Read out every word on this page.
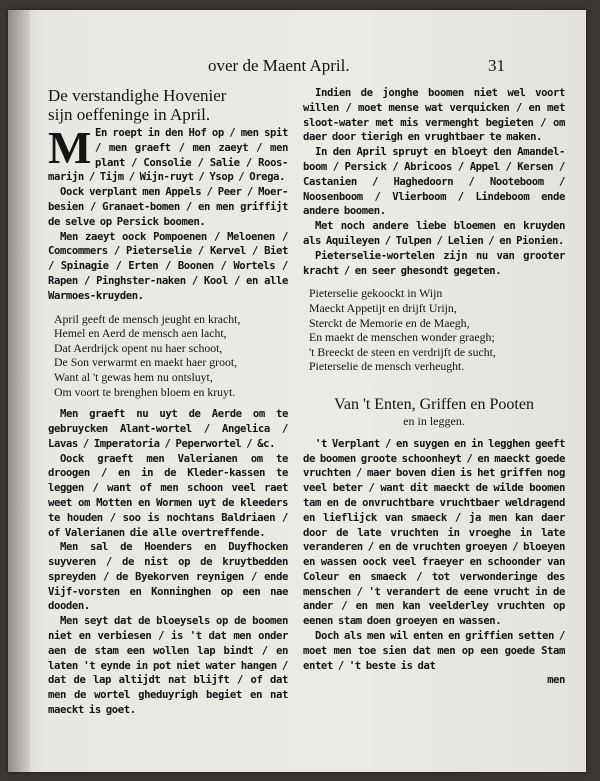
over de Maent April.	31
De verstandighe Hovenier
sijn oeffeninge in April.

M En roept in den Hof op / men spit / men graeft / men zaeyt / men plant / Consolie / Salie / Roos-marijn / Tijm / Wijn-ruyt / Ysop / Orega.

Oock verplant men Appels / Peer / Moer-besien / Granaet-bomen / en men griffijt de selve op Persick boomen.

Men zaeyt oock Pompoenen / Meloenen / Comcommers / Pieterselie / Kervel / Biet / Spinagie / Erten / Boonen / Wortels / Rapen / Pinghster-naken / Kool / en alle Warmoes-kruyden.

April geeft de mensch jeught en kracht,
Hemel en Aerd de mensch aen lacht,
Dat Aerdrijck opent nu haer schoot,
De Son verwarmt en maekt haer groot,
Want al 't gewas hem nu ontsluyt,
Om voort te brenghen bloem en kruyt.

Men graeft nu uyt de Aerde om te gebruycken Alant-wortel / Angelica / Lavas / Imperatoria / Peperwortel / &c.

Oock graeft men Valerianen om te droogen / en in de Kleder-kassen te leggen / want of men schoon veel raet weet om Motten en Wormen uyt de kleeders te houden / soo is nochtans Baldriaen / of Valerianen die alle overtreffende.

Men sal de Hoenders en Duyfhocken suyveren / de nist op de kruytbedden spreyden / de Byekorven reynigen / ende Vijf-vorsten en Konninghen op een nae dooden.

Men seyt dat de bloeysels op de boomen niet en verbiesen / is 't dat men onder aen de stam een wollen lap bindt / en laten 't eynde in pot niet water hangen / dat de lap altijdt nat blijft / of dat men de wortel gheduyrigh begiet en nat maeckt is goet.

Indien de jonghe boomen niet wel voort willen / moet mense wat verquicken / en met sloot-water met mis vermenght begieten / om daer door tierigh en vrughtbaer te maken.

In den April spruyt en bloeyt den Amandel-boom / Persick / Abricoos / Appel / Kersen / Castanien / Haghedoorn / Nooteboom / Noosenboom / Vlierboom / Lindeboom ende andere boomen.

Met noch andere liebe bloemen en kruyden als Aquileyen / Tulpen / Lelien / en Pionien.

Pieterselie-wortelen zijn nu van grooter kracht / en seer ghesondt gegeten.

Pieterselie gekoockt in Wijn
Maeckt Appetijt en drijft Urijn,
Sterckt de Memorie en de Maegh,
En maekt de menschen wonder graegh;
't Breeckt de steen en verdrijft de sucht,
Pieterselie de mensch verheught.
Van 't Enten, Griffen en Pooten
en in leggen.

't Verplant / en suygen en in legghen geeft de boomen groote schoonheyt / en maeckt goede vruchten / maer boven dien is het griffen nog veel beter / want dit maeckt de wilde boomen tam en de onvruchtbare vruchtbaer weldragend en lieflijck van smaeck / ja men kan daer door de late vruchten in vroeghe in late veranderen / en de vruchten groeyen / bloeyen en wassen oock veel fraeyer en schoonder van Coleur en smaeck / tot verwonderinge des menschen / 't verandert de eene vrucht in de ander / en men kan veelderley vruchten op eenen stam doen groeyen en wassen.

Doch als men wil enten en griffien setten / moet men toe sien dat men op een goede Stam entet / 't beste is dat

men
